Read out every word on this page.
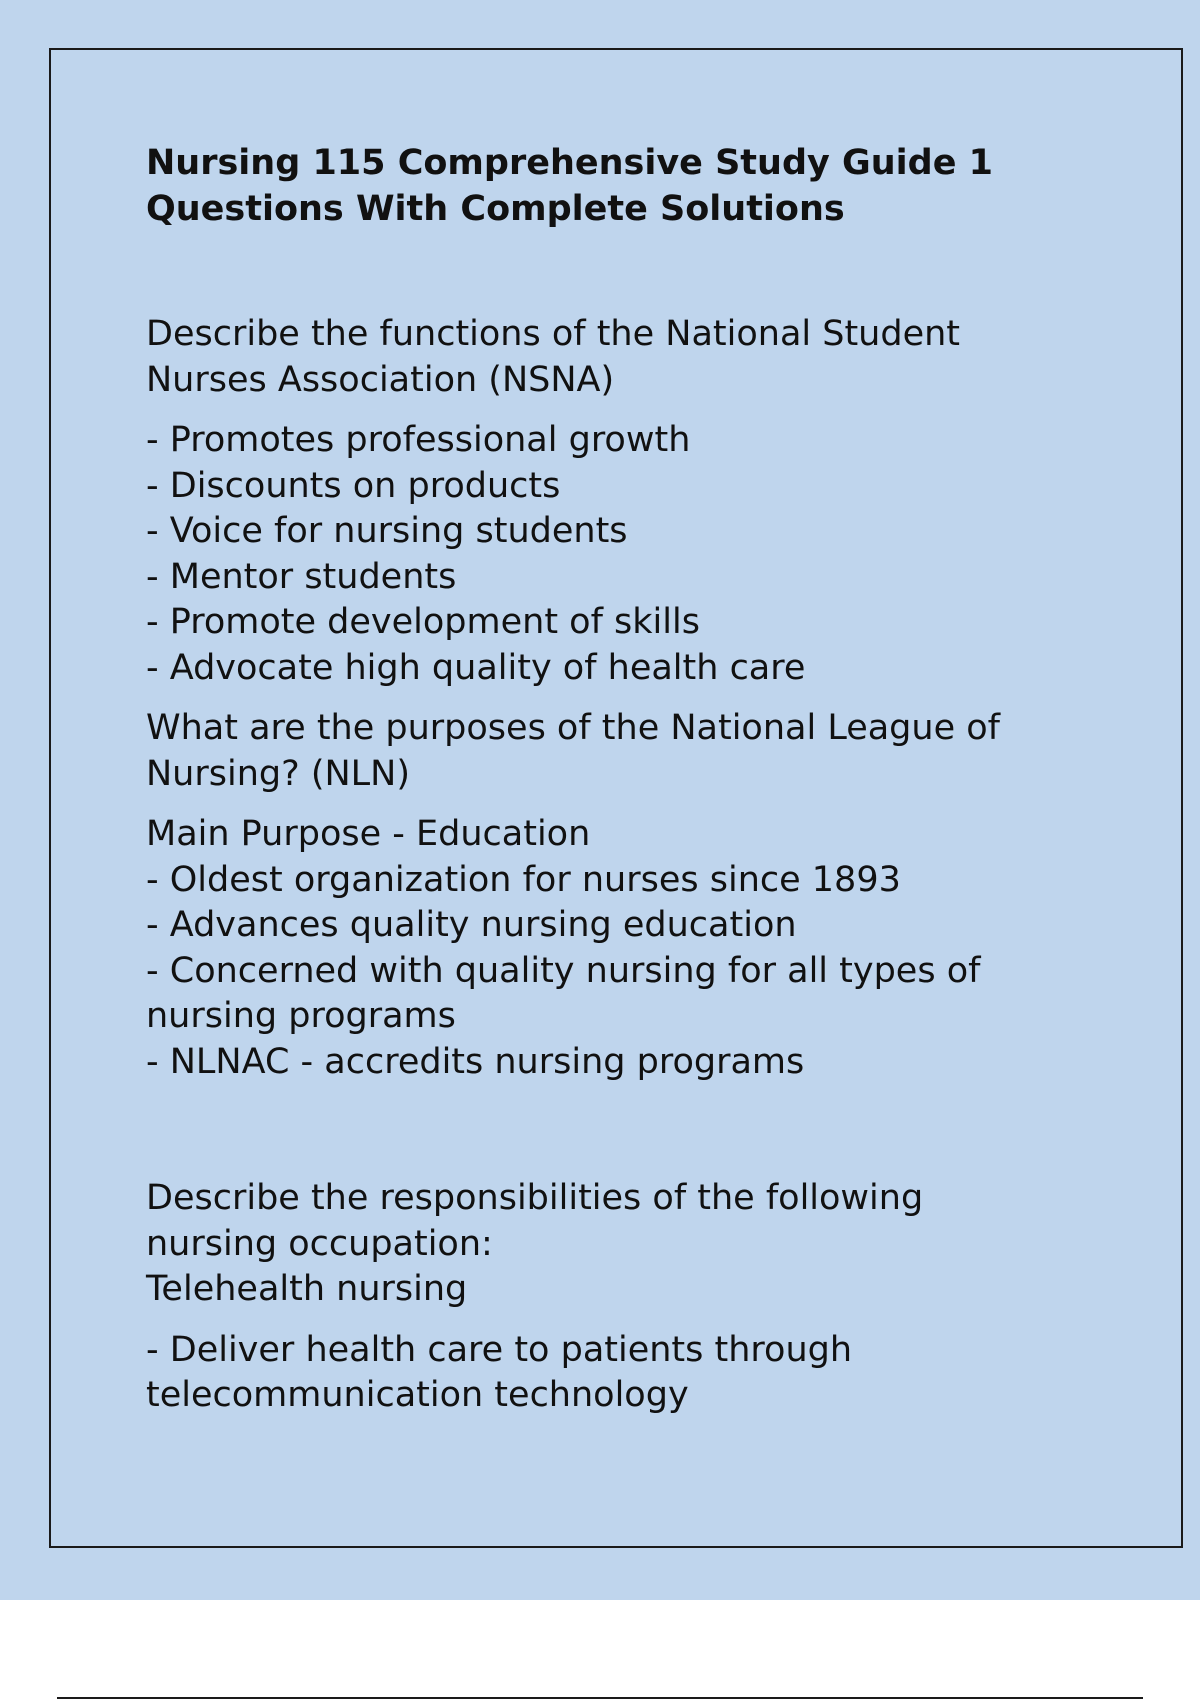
Nursing 115 Comprehensive Study Guide 1
Questions With Complete Solutions
Describe the functions of the National Student
Nurses Association (NSNA)
- Promotes professional growth
- Discounts on products
- Voice for nursing students
- Mentor students
- Promote development of skills
- Advocate high quality of health care
What are the purposes of the National League of
Nursing? (NLN)
Main Purpose - Education
- Oldest organization for nurses since 1893
- Advances quality nursing education
- Concerned with quality nursing for all types of
nursing programs
- NLNAC - accredits nursing programs
Describe the responsibilities of the following
nursing occupation:
Telehealth nursing
- Deliver health care to patients through
telecommunication technology
